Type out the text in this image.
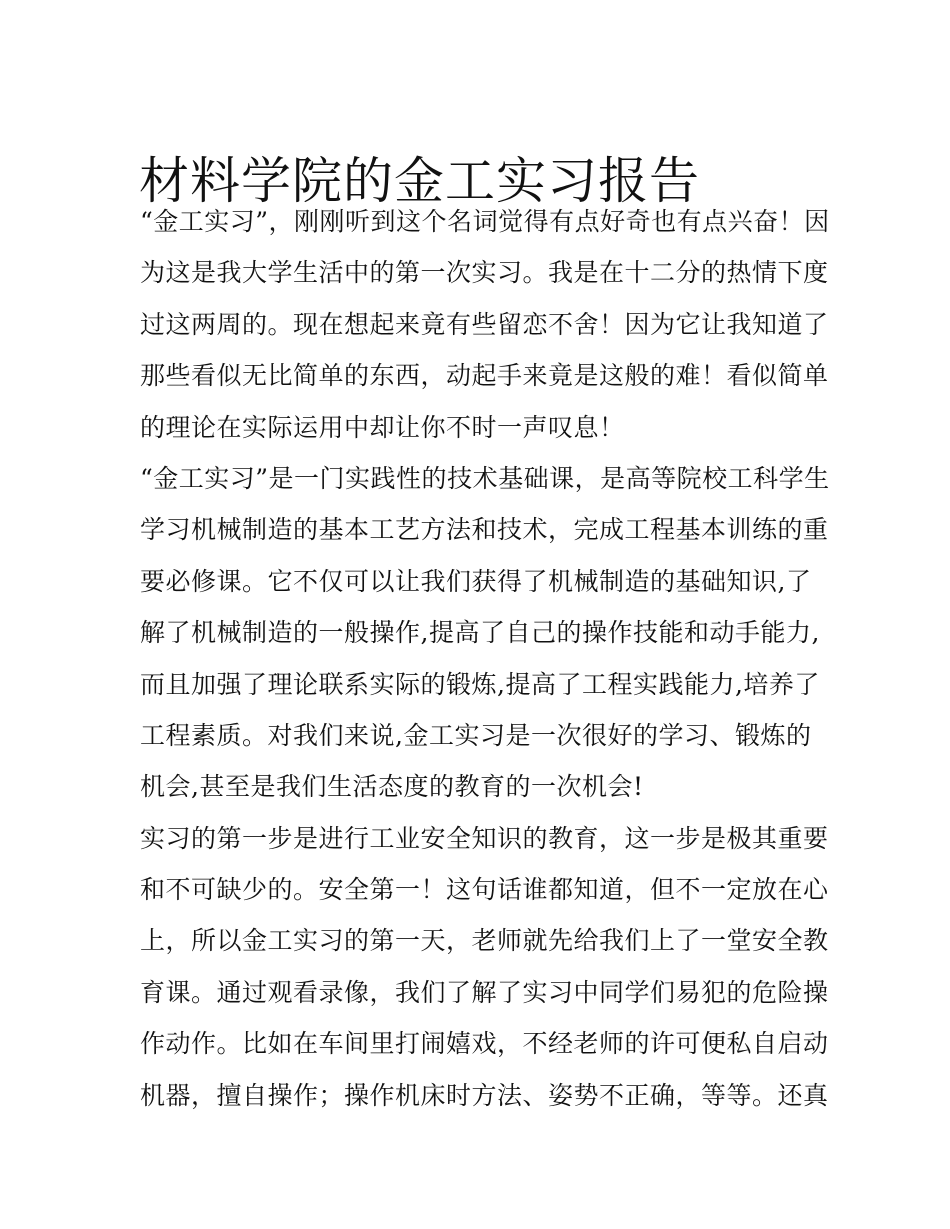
材料学院的金工实习报告
“金工实习”，刚刚听到这个名词觉得有点好奇也有点兴奋！因
为这是我大学生活中的第一次实习。我是在十二分的热情下度
过这两周的。现在想起来竟有些留恋不舍！因为它让我知道了
那些看似无比简单的东西，动起手来竟是这般的难！看似简单
的理论在实际运用中却让你不时一声叹息！
“金工实习”是一门实践性的技术基础课，是高等院校工科学生
学习机械制造的基本工艺方法和技术，完成工程基本训练的重
要必修课。它不仅可以让我们获得了机械制造的基础知识,了
解了机械制造的一般操作,提高了自己的操作技能和动手能力,
而且加强了理论联系实际的锻炼,提高了工程实践能力,培养了
工程素质。对我们来说,金工实习是一次很好的学习、锻炼的
机会,甚至是我们生活态度的教育的一次机会!
实习的第一步是进行工业安全知识的教育，这一步是极其重要
和不可缺少的。安全第一！这句话谁都知道，但不一定放在心
上，所以金工实习的第一天，老师就先给我们上了一堂安全教
育课。通过观看录像，我们了解了实习中同学们易犯的危险操
作动作。比如在车间里打闹嬉戏，不经老师的许可便私自启动
机器，擅自操作；操作机床时方法、姿势不正确，等等。还真
